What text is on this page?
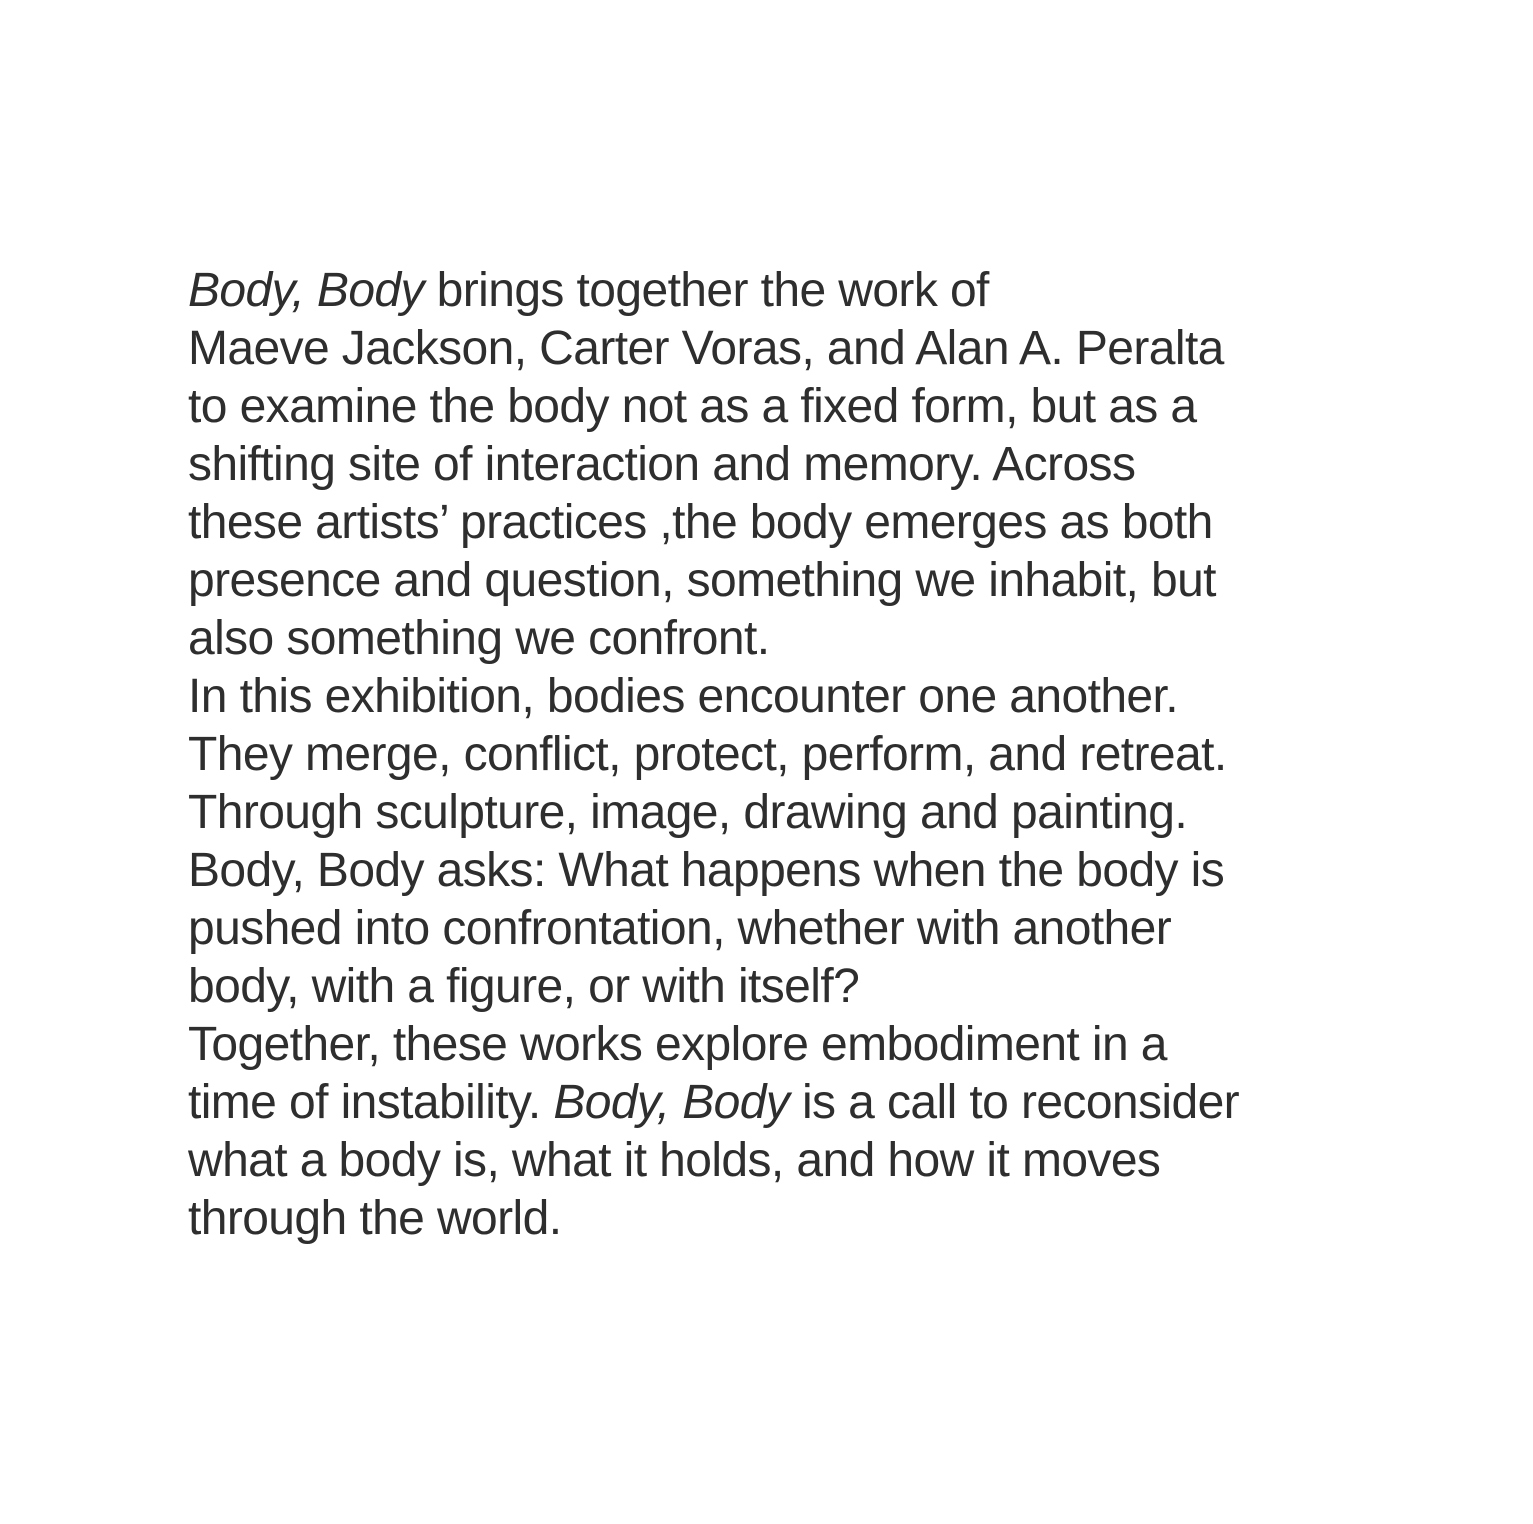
Body, Body brings together the work of
Maeve Jackson, Carter Voras, and Alan A. Peralta
to examine the body not as a fixed form, but as a
shifting site of interaction and memory. Across
these artists’ practices ,the body emerges as both
presence and question, something we inhabit, but
also something we confront.
In this exhibition, bodies encounter one another.
They merge, conflict, protect, perform, and retreat.
Through sculpture, image, drawing and painting.
Body, Body asks: What happens when the body is
pushed into confrontation, whether with another
body, with a figure, or with itself?
Together, these works explore embodiment in a
time of instability. Body, Body is a call to reconsider
what a body is, what it holds, and how it moves
through the world.
